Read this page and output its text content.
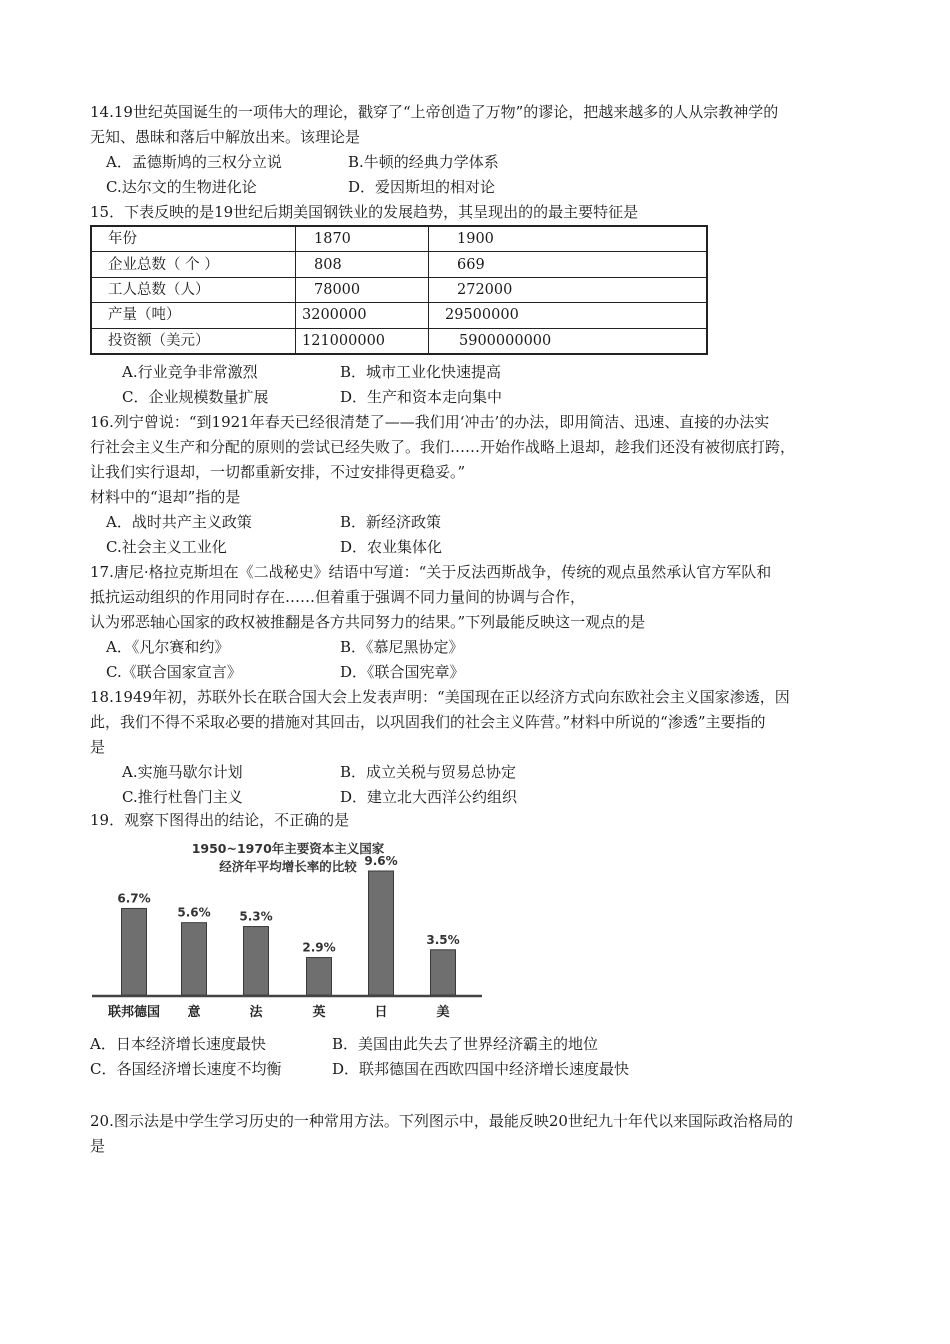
14.19世纪英国诞生的一项伟大的理论，戳穿了“上帝创造了万物”的谬论，把越来越多的人从宗教神学的
无知、愚昧和落后中解放出来。该理论是
A．孟德斯鸠的三权分立说	B.牛顿的经典力学体系
C.达尔文的生物进化论	D．爱因斯坦的相对论
15．下表反映的是19世纪后期美国钢铁业的发展趋势，其呈现出的的最主要特征是
年份	1870	1900
企业总数（ 个 ）	808	669
工人总数（人）	78000	272000
产量（吨）	3200000	29500000
投资额（美元）	121000000	5900000000
A.行业竞争非常激烈	B．城市工业化快速提高
C．企业规模数量扩展	D．生产和资本走向集中
16.列宁曾说：“到1921年春天已经很清楚了——我们用‘冲击’的办法，即用简洁、迅速、直接的办法实
行社会主义生产和分配的原则的尝试已经失败了。我们……开始作战略上退却，趁我们还没有被彻底打跨，
让我们实行退却，一切都重新安排，不过安排得更稳妥。”
材料中的“退却”指的是
A．战时共产主义政策	B．新经济政策
C.社会主义工业化	D．农业集体化
17.唐尼·格拉克斯坦在《二战秘史》结语中写道：“关于反法西斯战争，传统的观点虽然承认官方军队和
抵抗运动组织的作用同时存在……但着重于强调不同力量间的协调与合作，
认为邪恶轴心国家的政权被推翻是各方共同努力的结果。”下列最能反映这一观点的是
A．《凡尔赛和约》	B．《慕尼黑协定》
C.《联合国家宣言》	D．《联合国宪章》
18.1949年初，苏联外长在联合国大会上发表声明：“美国现在正以经济方式向东欧社会主义国家渗透，因
此，我们不得不采取必要的措施对其回击，以巩固我们的社会主义阵营。”材料中所说的“渗透”主要指的
是
A.实施马歇尔计划	B．成立关税与贸易总协定
C.推行杜鲁门主义	D．建立北大西洋公约组织
19．观察下图得出的结论，不正确的是
1950~1970年主要资本主义国家
经济年平均增长率的比较
6.7%
5.6% 5.3%
2.9%
9.6%
3.5%
联邦德国 意	法	英	日	美
A．日本经济增长速度最快	B．美国由此失去了世界经济霸主的地位
C．各国经济增长速度不均衡	D．联邦德国在西欧四国中经济增长速度最快
20.图示法是中学生学习历史的一种常用方法。下列图示中，最能反映20世纪九十年代以来国际政治格局的
是
